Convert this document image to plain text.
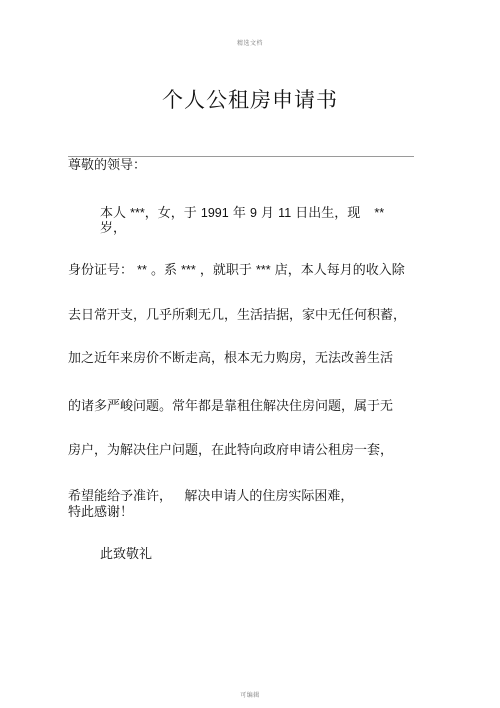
精选文档
个人公租房申请书
尊敬的领导：
本人 ***，女，于 1991 年 9 月 11 日出生，现 **
岁，
身份证号： ** 。系 *** ，就职于 *** 店，本人每月的收入除
去日常开支，几乎所剩无几，生活拮据，家中无任何积蓄，
加之近年来房价不断走高，根本无力购房，无法改善生活
的诸多严峻问题。常年都是靠租住解决住房问题，属于无
房户，为解决住户问题，在此特向政府申请公租房一套，
希望能给予准许，   解决申请人的住房实际困难，
特此感谢！
此致敬礼
可编辑
